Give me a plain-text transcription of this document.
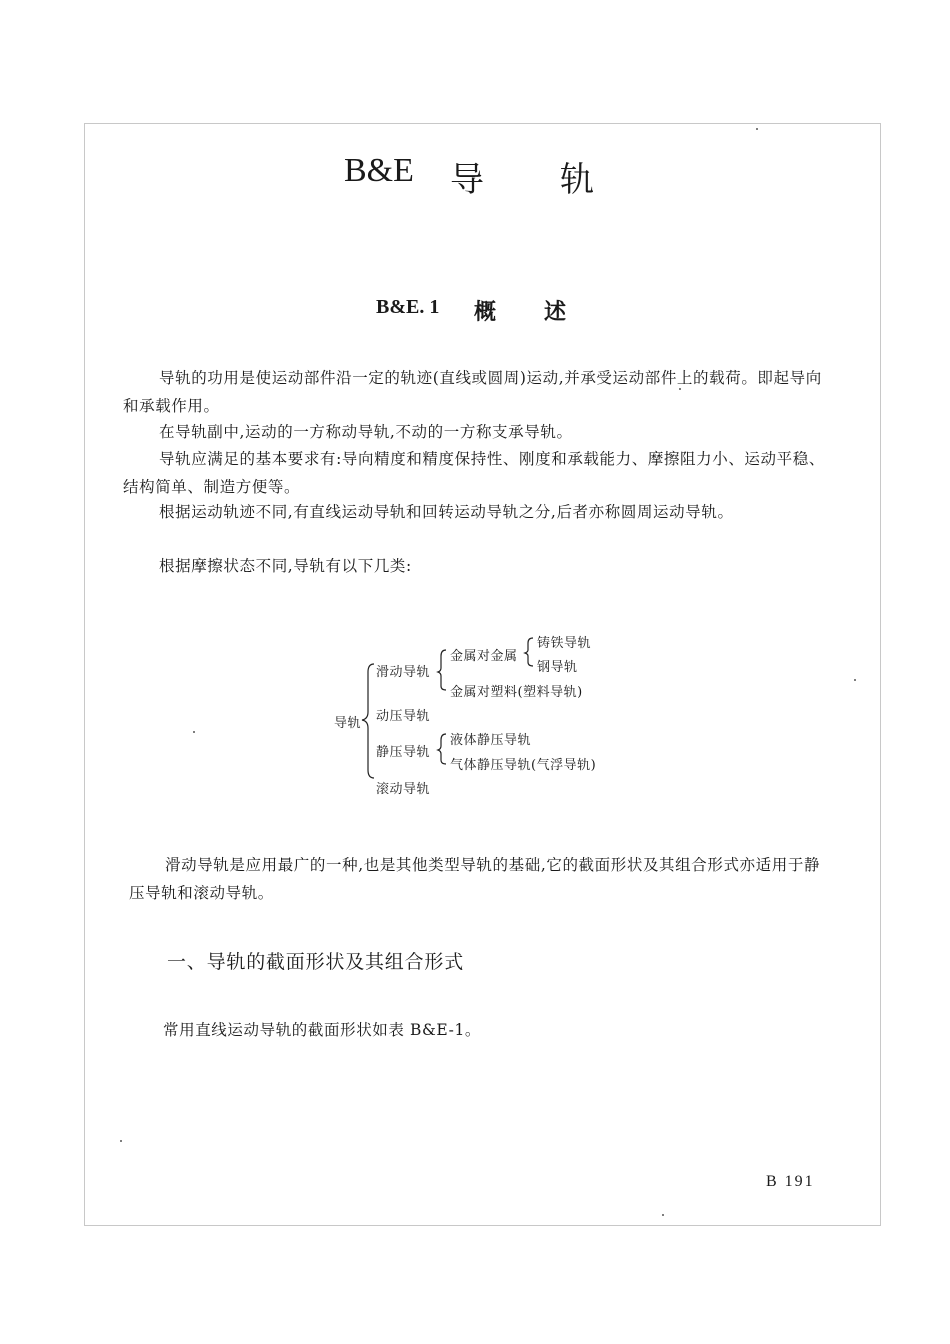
B&E 导 轨
B&E. 1 概 述

导轨的功用是使运动部件沿一定的轨迹(直线或圆周)运动,并承受运动部件上的载荷。即起导向和承载作用。

在导轨副中,运动的一方称动导轨,不动的一方称支承导轨。

导轨应满足的基本要求有:导向精度和精度保持性、刚度和承载能力、摩擦阻力小、运动平稳、结构简单、制造方便等。

根据运动轨迹不同,有直线运动导轨和回转运动导轨之分,后者亦称圆周运动导轨。

根据摩擦状态不同,导轨有以下几类:

导轨
滑动导轨
金属对金属
铸铁导轨
钢导轨
金属对塑料(塑料导轨)
动压导轨
静压导轨
液体静压导轨
气体静压导轨(气浮导轨)
滚动导轨

滑动导轨是应用最广的一种,也是其他类型导轨的基础,它的截面形状及其组合形式亦适用于静压导轨和滚动导轨。

一、导轨的截面形状及其组合形式
常用直线运动导轨的截面形状如表 B&E-1。
B 191
